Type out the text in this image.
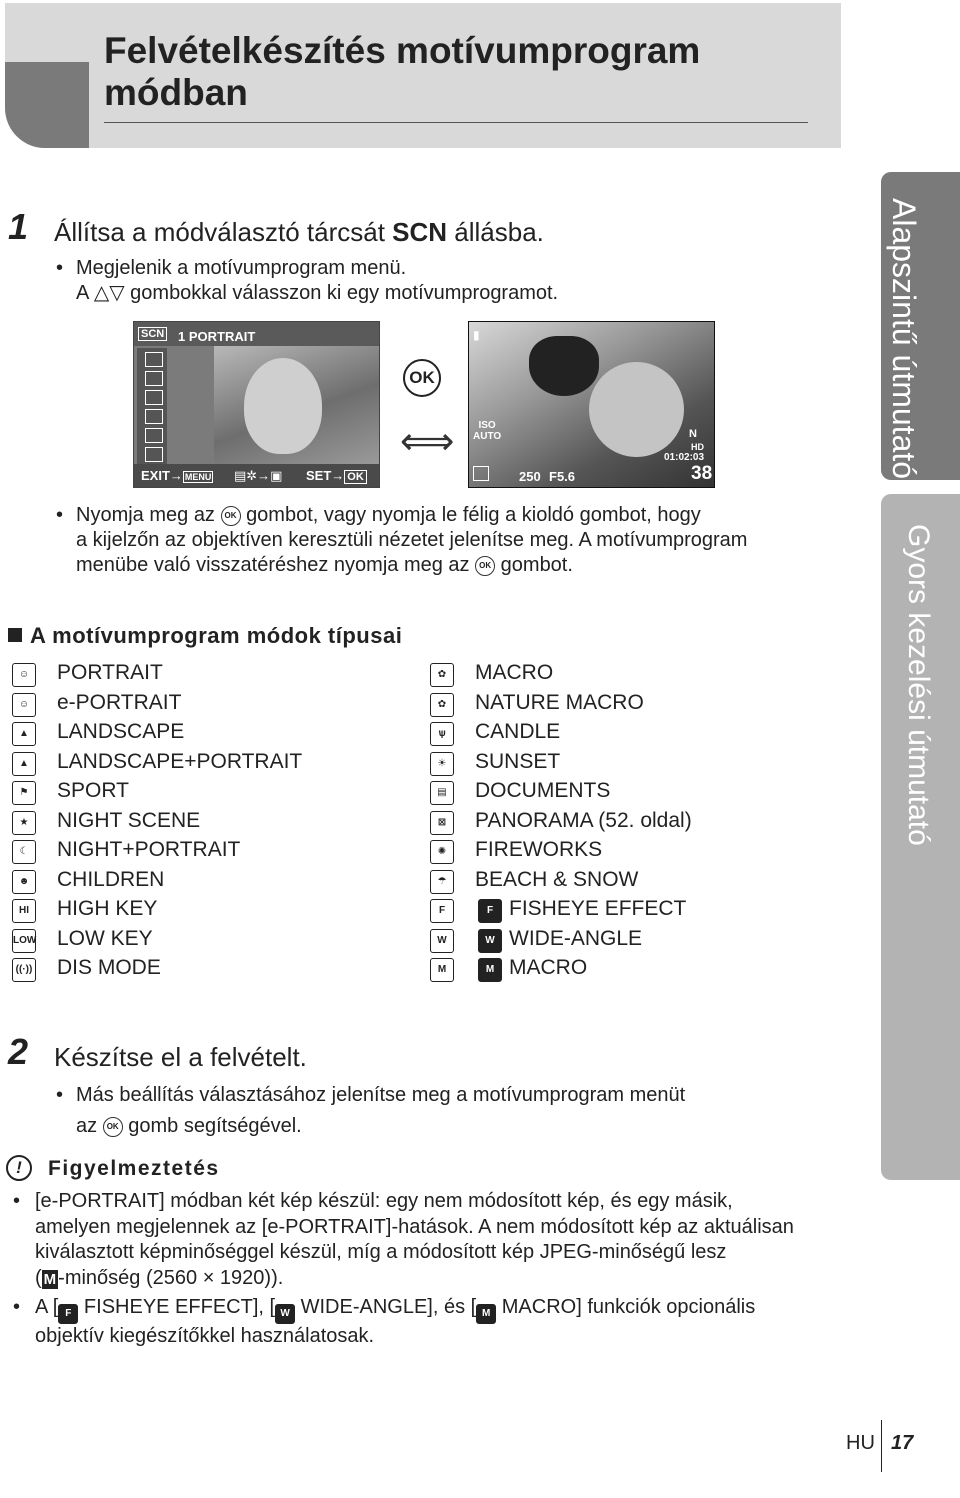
Felvételkészítés motívumprogram
módban
Alapszintű útmutató
Gyors kezelési útmutató
1 Állítsa a módválasztó tárcsát SCN állásba.
• Megjelenik a motívumprogram menü.
A △▽ gombokkal válasszon ki egy motívumprogramot.
SCN 1 PORTRAIT
EXIT→ MENU ▤✲→▣ SET→ OK
OK
⟺
▮
ISO
AUTO	N
HD
01:02:03
250 F5.6	38
• Nyomja meg az OK gombot, vagy nyomja le félig a kioldó gombot, hogy
a kijelzőn az objektíven keresztüli nézetet jelenítse meg. A motívumprogram
menübe való visszatéréshez nyomja meg az OK gombot.
A motívumprogram módok típusai
☺	PORTRAIT
☺	e-PORTRAIT
▲	LANDSCAPE
▲	LANDSCAPE+PORTRAIT
⚑	SPORT
★	NIGHT SCENE
☾	NIGHT+PORTRAIT
☻	CHILDREN
HI	HIGH KEY
LOW LOW KEY
((·)) DIS MODE
✿	MACRO
✿	NATURE MACRO
ѱ	CANDLE
☀	SUNSET
▤	DOCUMENTS
⊠	PANORAMA (52. oldal)
✺	FIREWORKS
☂	BEACH & SNOW
F	F FISHEYE EFFECT
W	W WIDE-ANGLE
M	M MACRO
2 Készítse el a felvételt.
• Más beállítás választásához jelenítse meg a motívumprogram menüt
az OK gomb segítségével.
!	Figyelmeztetés
• [e-PORTRAIT] módban két kép készül: egy nem módosított kép, és egy másik,
amelyen megjelennek az [e-PORTRAIT]-hatások. A nem módosított kép az aktuálisan
kiválasztott képminőséggel készül, míg a módosított kép JPEG-minőségű lesz
( M -minőség (2560 × 1920)).
• A [ F FISHEYE EFFECT], [ W WIDE-ANGLE], és [ M MACRO] funkciók opcionális
objektív kiegészítőkkel használatosak.
HU 17
